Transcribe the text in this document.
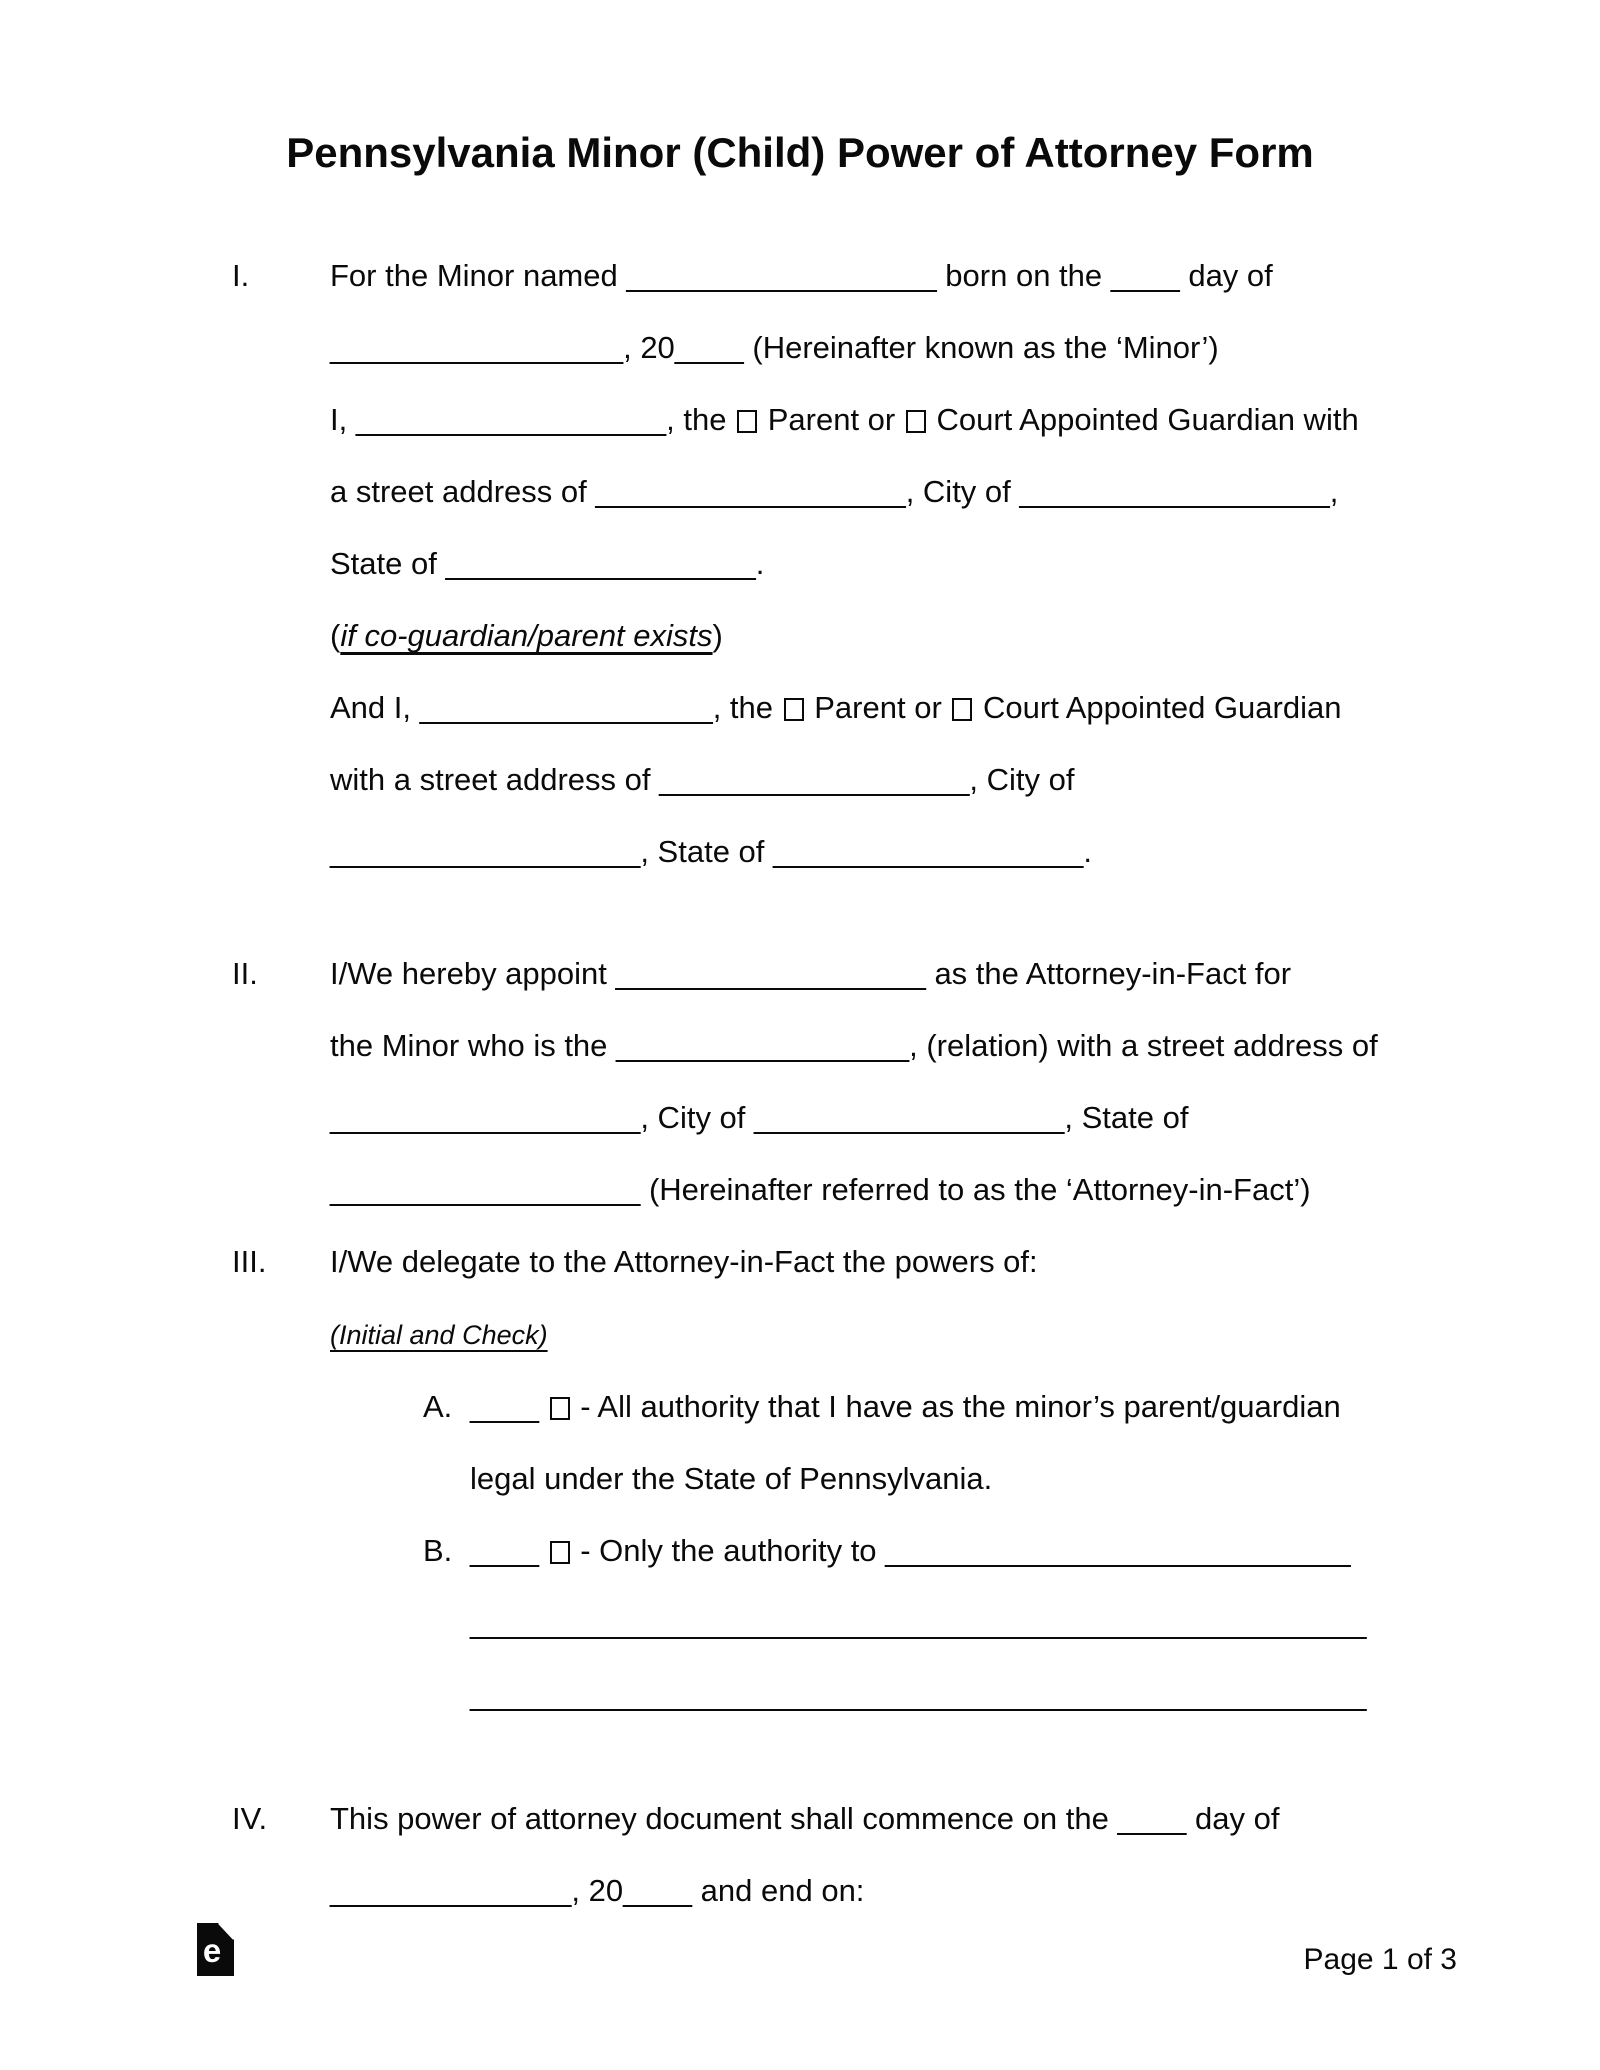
Pennsylvania Minor (Child) Power of Attorney Form
I.	For the Minor named __________________ born on the ____ day of

_________________, 20____ (Hereinafter known as the ‘Minor’)

I, __________________, the  Parent or  Court Appointed Guardian with

a street address of __________________, City of __________________,

State of __________________.

(if co-guardian/parent exists)

And I, _________________, the  Parent or  Court Appointed Guardian

with a street address of __________________, City of

__________________, State of __________________.

II.	I/We hereby appoint __________________ as the Attorney-in-Fact for

the Minor who is the _________________, (relation) with a street address of

__________________, City of __________________, State of

__________________ (Hereinafter referred to as the ‘Attorney-in-Fact’)

III.	I/We delegate to the Attorney-in-Fact the powers of:

(Initial and Check)

A. ____  - All authority that I have as the minor’s parent/guardian

legal under the State of Pennsylvania.

B. ____  - Only the authority to ___________________________

____________________________________________________

____________________________________________________

IV.	This power of attorney document shall commence on the ____ day of

______________, 20____ and end on:

e	Page 1 of 3
